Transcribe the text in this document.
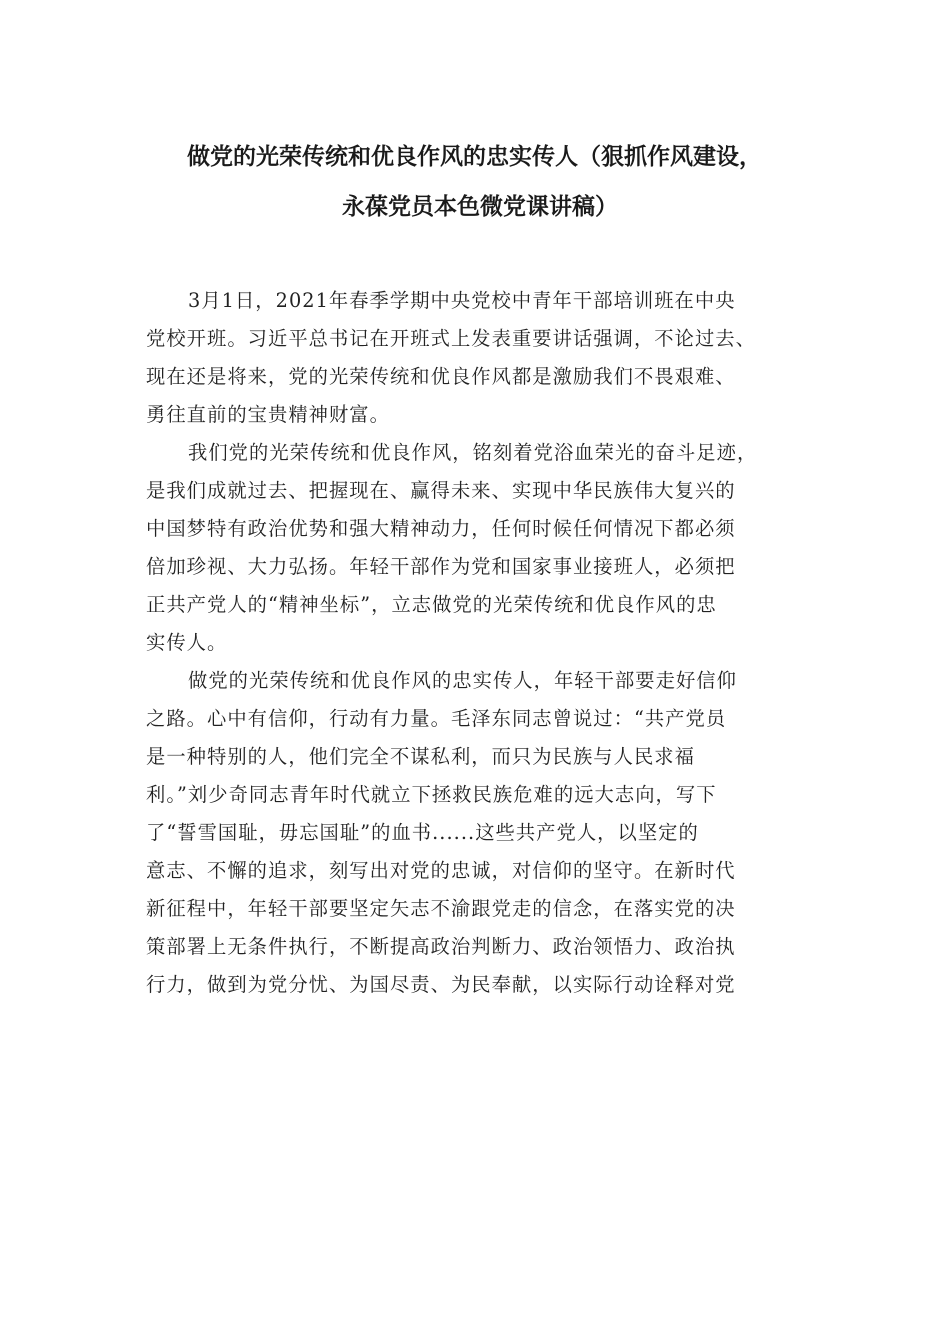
做党的光荣传统和优良作风的忠实传人（狠抓作风建设，
永葆党员本色微党课讲稿）
3月1日，2021年春季学期中央党校中青年干部培训班在中央
党校开班。习近平总书记在开班式上发表重要讲话强调，不论过去、
现在还是将来，党的光荣传统和优良作风都是激励我们不畏艰难、
勇往直前的宝贵精神财富。
我们党的光荣传统和优良作风，铭刻着党浴血荣光的奋斗足迹，
是我们成就过去、把握现在、赢得未来、实现中华民族伟大复兴的
中国梦特有政治优势和强大精神动力，任何时候任何情况下都必须
倍加珍视、大力弘扬。年轻干部作为党和国家事业接班人，必须把
正共产党人的“精神坐标”，立志做党的光荣传统和优良作风的忠
实传人。
做党的光荣传统和优良作风的忠实传人，年轻干部要走好信仰
之路。心中有信仰，行动有力量。毛泽东同志曾说过：“共产党员
是一种特别的人，他们完全不谋私利，而只为民族与人民求福
利。”刘少奇同志青年时代就立下拯救民族危难的远大志向，写下
了“誓雪国耻，毋忘国耻”的血书......这些共产党人，以坚定的
意志、不懈的追求，刻写出对党的忠诚，对信仰的坚守。在新时代
新征程中，年轻干部要坚定矢志不渝跟党走的信念，在落实党的决
策部署上无条件执行，不断提高政治判断力、政治领悟力、政治执
行力，做到为党分忧、为国尽责、为民奉献，以实际行动诠释对党
